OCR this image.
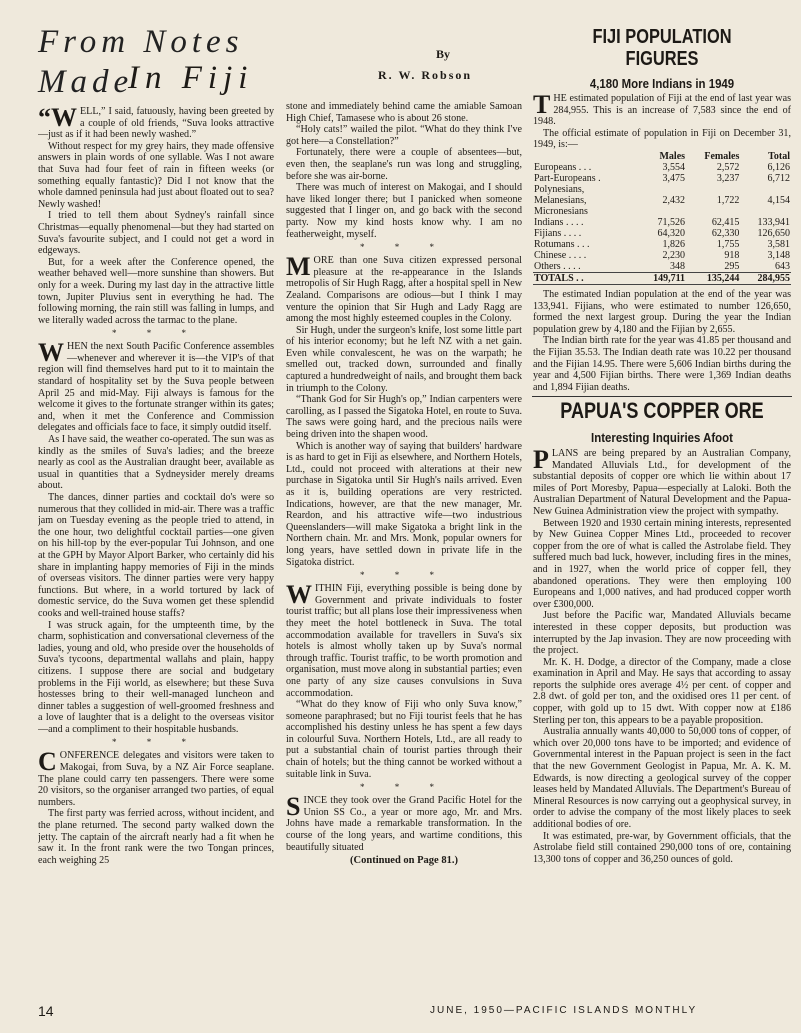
From Notes Made
In Fiji
By
R. W. Robson

“WELL,” I said, fatuously, having been greeted by a couple of old friends, “Suva looks attractive—just as if it had been newly washed.”

Without respect for my grey hairs, they made offensive answers in plain words of one syllable. Was I not aware that Suva had four feet of rain in fifteen weeks (or something equally fantastic)? Did I not know that the whole damned peninsula had just about floated out to sea? Newly washed!

I tried to tell them about Sydney's rainfall since Christmas—equally phenomenal—but they had started on Suva's favourite subject, and I could not get a word in edgeways.

But, for a week after the Conference opened, the weather behaved well—more sunshine than showers. But only for a week. During my last day in the attractive little town, Jupiter Pluvius sent in everything he had. The following morning, the rain still was falling in lumps, and we literally waded across the tarmac to the plane.

* * *

WHEN the next South Pacific Conference assembles—whenever and wherever it is—the VIP's of that region will find themselves hard put to it to maintain the standard of hospitality set by the Suva people between April 25 and mid-May. Fiji always is famous for the welcome it gives to the fortunate stranger within its gates; and, when it met the Conference and Commission delegates and officials face to face, it simply outdid itself.

As I have said, the weather co-operated. The sun was as kindly as the smiles of Suva's ladies; and the breeze nearly as cool as the Australian draught beer, available as usual in quantities that a Sydneysider merely dreams about.

The dances, dinner parties and cocktail do's were so numerous that they collided in mid-air. There was a traffic jam on Tuesday evening as the people tried to attend, in the one hour, two delightful cocktail parties—one given on his hill-top by the ever-popular Tui Johnson, and one at the GPH by Mayor Alport Barker, who certainly did his share in implanting happy memories of Fiji in the minds of overseas visitors. The dinner parties were very happy functions. But where, in a world tortured by lack of domestic service, do the Suva women get these splendid cooks and well-trained house staffs?

I was struck again, for the umpteenth time, by the charm, sophistication and conversational cleverness of the ladies, young and old, who preside over the households of Suva's tycoons, departmental wallahs and plain, happy citizens. I suppose there are social and budgetary problems in the Fiji world, as elsewhere; but these Suva hostesses bring to their well-managed luncheon and dinner tables a suggestion of well-groomed freshness and a love of laughter that is a delight to the overseas visitor—and a compliment to their hospitable husbands.

* * *

CONFERENCE delegates and visitors were taken to Makogai, from Suva, by a NZ Air Force seaplane. The plane could carry ten passengers. There were some 20 visitors, so the organiser arranged two parties, of equal numbers.

The first party was ferried across, without incident, and the plane returned. The second party walked down the jetty. The captain of the aircraft nearly had a fit when he saw it. In the front rank were the two Tongan princes, each weighing 25

stone and immediately behind came the amiable Samoan High Chief, Tamasese who is about 26 stone.

“Holy cats!” wailed the pilot. “What do they think I've got here—a Constellation?”

Fortunately, there were a couple of absentees—but, even then, the seaplane's run was long and struggling, before she was air-borne.

There was much of interest on Makogai, and I should have liked longer there; but I panicked when someone suggested that I linger on, and go back with the second party. Now my kind hosts know why. I am no featherweight, myself.

* * *

MORE than one Suva citizen expressed personal pleasure at the re-appearance in the Islands metropolis of Sir Hugh Ragg, after a hospital spell in New Zealand. Comparisons are odious—but I think I may venture the opinion that Sir Hugh and Lady Ragg are among the most highly esteemed couples in the Colony.

Sir Hugh, under the surgeon's knife, lost some little part of his interior economy; but he left NZ with a net gain. Even while convalescent, he was on the warpath; he smelled out, tracked down, surrounded and finally captured a hundredweight of nails, and brought them back in triumph to the Colony.

“Thank God for Sir Hugh's op,” Indian carpenters were carolling, as I passed the Sigatoka Hotel, en route to Suva. The saws were going hard, and the precious nails were being driven into the shapen wood.

Which is another way of saying that builders' hardware is as hard to get in Fiji as elsewhere, and Northern Hotels, Ltd., could not proceed with alterations at their new purchase in Sigatoka until Sir Hugh's nails arrived. Even as it is, building operations are very restricted. Indications, however, are that the new manager, Mr. Reardon, and his attractive wife—two industrious Queenslanders—will make Sigatoka a bright link in the Northern chain. Mr. and Mrs. Monk, popular owners for long years, have settled down in private life in the Sigatoka district.

* * *

WITHIN Fiji, everything possible is being done by Government and private individuals to foster tourist traffic; but all plans lose their impressiveness when they meet the hotel bottleneck in Suva. The total accommodation available for travellers in Suva's six hotels is almost wholly taken up by Suva's normal through traffic. Tourist traffic, to be worth promotion and organisation, must move along in substantial parties; even one party of any size causes convulsions in Suva accommodation.

“What do they know of Fiji who only Suva know,” someone paraphrased; but no Fiji tourist feels that he has accomplished his destiny unless he has spent a few days in colourful Suva. Northern Hotels, Ltd., are all ready to put a substantial chain of tourist parties through their chain of hotels; but the thing cannot be worked without a suitable link in Suva.

* * *

SINCE they took over the Grand Pacific Hotel for the Union SS Co., a year or more ago, Mr. and Mrs. Johns have made a remarkable transformation. In the course of the long years, and wartime conditions, this beautifully situated

(Continued on Page 81.)
FIJI POPULATION FIGURES
4,180 More Indians in 1949

THE estimated population of Fiji at the end of last year was 284,955. This is an increase of 7,583 since the end of 1948.

The official estimate of population in Fiji on December 31, 1949, is:—

	Males	Females	Total
Europeans . . .	3,554	2,572	6,126
Part-Europeans .	3,475	3,237	6,712
Polynesians, Melanesians, Micronesians	2,432	1,722	4,154
Indians . . . .	71,526	62,415	133,941
Fijians . . . .	64,320	62,330	126,650
Rotumans . . .	1,826	1,755	3,581
Chinese . . . .	2,230	918	3,148
Others . . . .	348	295	643
TOTALS . .	149,711	135,244	284,955

The estimated Indian population at the end of the year was 133,941. Fijians, who were estimated to number 126,650, formed the next largest group. During the year the Indian population grew by 4,180 and the Fijian by 2,655.

The Indian birth rate for the year was 41.85 per thousand and the Fijian 35.53. The Indian death rate was 10.22 per thousand and the Fijian 14.95. There were 5,606 Indian births during the year and 4,500 Fijian births. There were 1,369 Indian deaths and 1,894 Fijian deaths.

PAPUA'S COPPER ORE
Interesting Inquiries Afoot

PLANS are being prepared by an Australian Company, Mandated Alluvials Ltd., for development of the substantial deposits of copper ore which lie within about 17 miles of Port Moresby, Papua—especially at Laloki. Both the Australian Department of Natural Development and the Papua-New Guinea Administration view the project with sympathy.

Between 1920 and 1930 certain mining interests, represented by New Guinea Copper Mines Ltd., proceeded to recover copper from the ore of what is called the Astrolabe field. They suffered much bad luck, however, including fires in the mines, and in 1927, when the world price of copper fell, they abandoned operations. They were then employing 100 Europeans and 1,000 natives, and had produced copper worth over £300,000.

Just before the Pacific war, Mandated Alluvials became interested in these copper deposits, but production was interrupted by the Jap invasion. They are now proceeding with the project.

Mr. K. H. Dodge, a director of the Company, made a close examination in April and May. He says that according to assay reports the sulphide ores average 4½ per cent. of copper and 2.8 dwt. of gold per ton, and the oxidised ores 11 per cent. of copper, with gold up to 15 dwt. With copper now at £186 Sterling per ton, this appears to be a payable proposition.

Australia annually wants 40,000 to 50,000 tons of copper, of which over 20,000 tons have to be imported; and evidence of Governmental interest in the Papuan project is seen in the fact that the new Government Geologist in Papua, Mr. A. K. M. Edwards, is now directing a geological survey of the copper leases held by Mandated Alluvials. The Department's Bureau of Mineral Resources is now carrying out a geophysical survey, in order to advise the company of the most likely places to seek additional bodies of ore.

It was estimated, pre-war, by Government officials, that the Astrolabe field still contained 290,000 tons of ore, containing 13,300 tons of copper and 36,250 ounces of gold.

14	JUNE, 1950—PACIFIC ISLANDS MONTHLY
